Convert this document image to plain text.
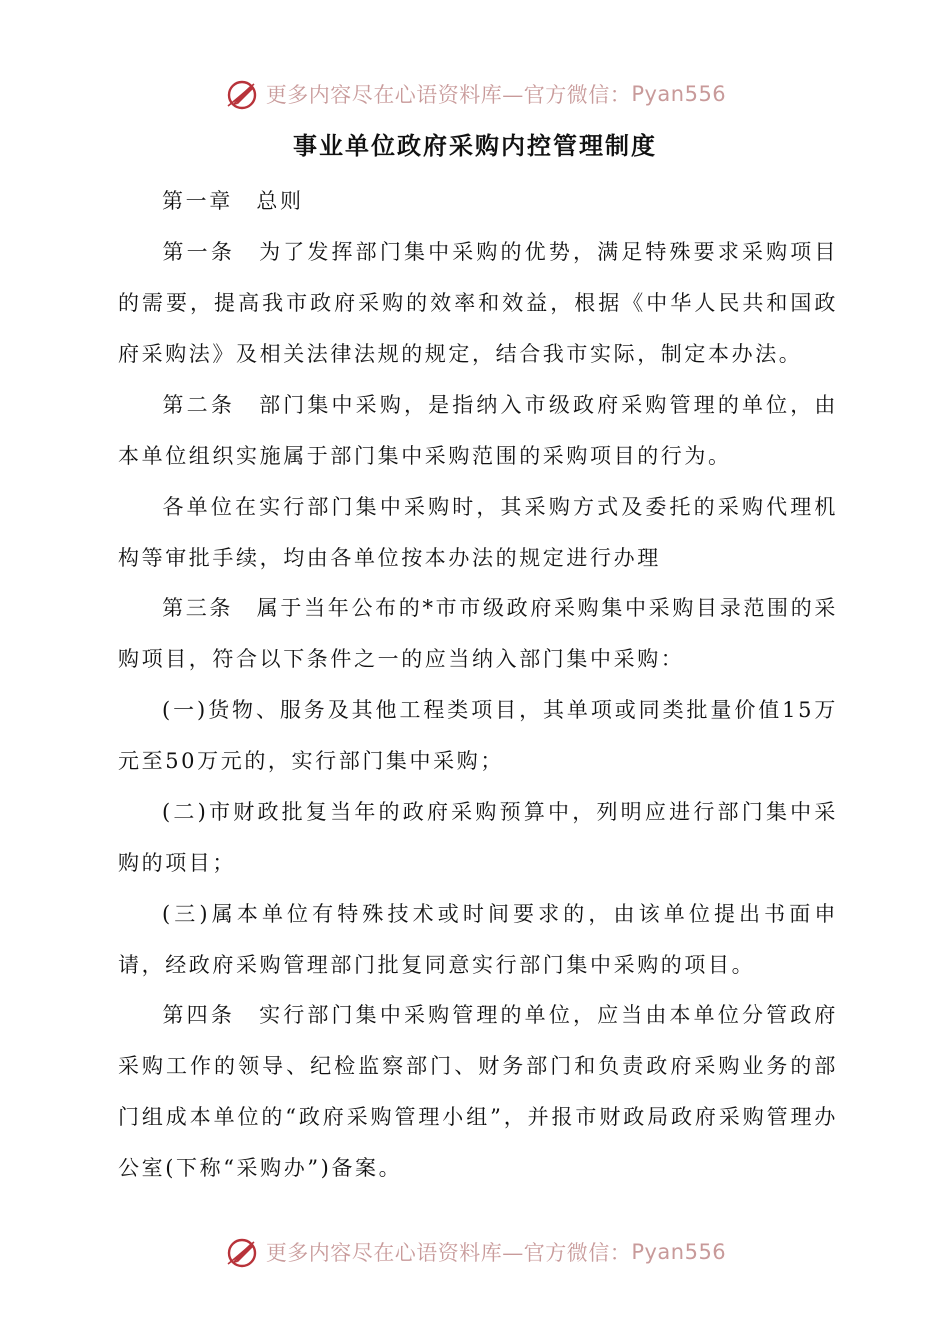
更多内容尽在心语资料库—官方微信： Pyan556
事业单位政府采购内控管理制度

第一章　总则

第一条　为了发挥部门集中采购的优势，满足特殊要求采购项目的需要，提高我市政府采购的效率和效益，根据《中华人民共和国政府采购法》及相关法律法规的规定，结合我市实际，制定本办法。

第二条　部门集中采购，是指纳入市级政府采购管理的单位，由本单位组织实施属于部门集中采购范围的采购项目的行为。

各单位在实行部门集中采购时，其采购方式及委托的采购代理机构等审批手续，均由各单位按本办法的规定进行办理

第三条　属于当年公布的*市市级政府采购集中采购目录范围的采购项目，符合以下条件之一的应当纳入部门集中采购：

(一)货物、服务及其他工程类项目，其单项或同类批量价值15万元至50万元的，实行部门集中采购；

(二)市财政批复当年的政府采购预算中，列明应进行部门集中采购的项目；

(三)属本单位有特殊技术或时间要求的，由该单位提出书面申请，经政府采购管理部门批复同意实行部门集中采购的项目。

第四条　实行部门集中采购管理的单位，应当由本单位分管政府采购工作的领导、纪检监察部门、财务部门和负责政府采购业务的部门组成本单位的“政府采购管理小组”，并报市财政局政府采购管理办公室(下称“采购办”)备案。

更多内容尽在心语资料库—官方微信： Pyan556
